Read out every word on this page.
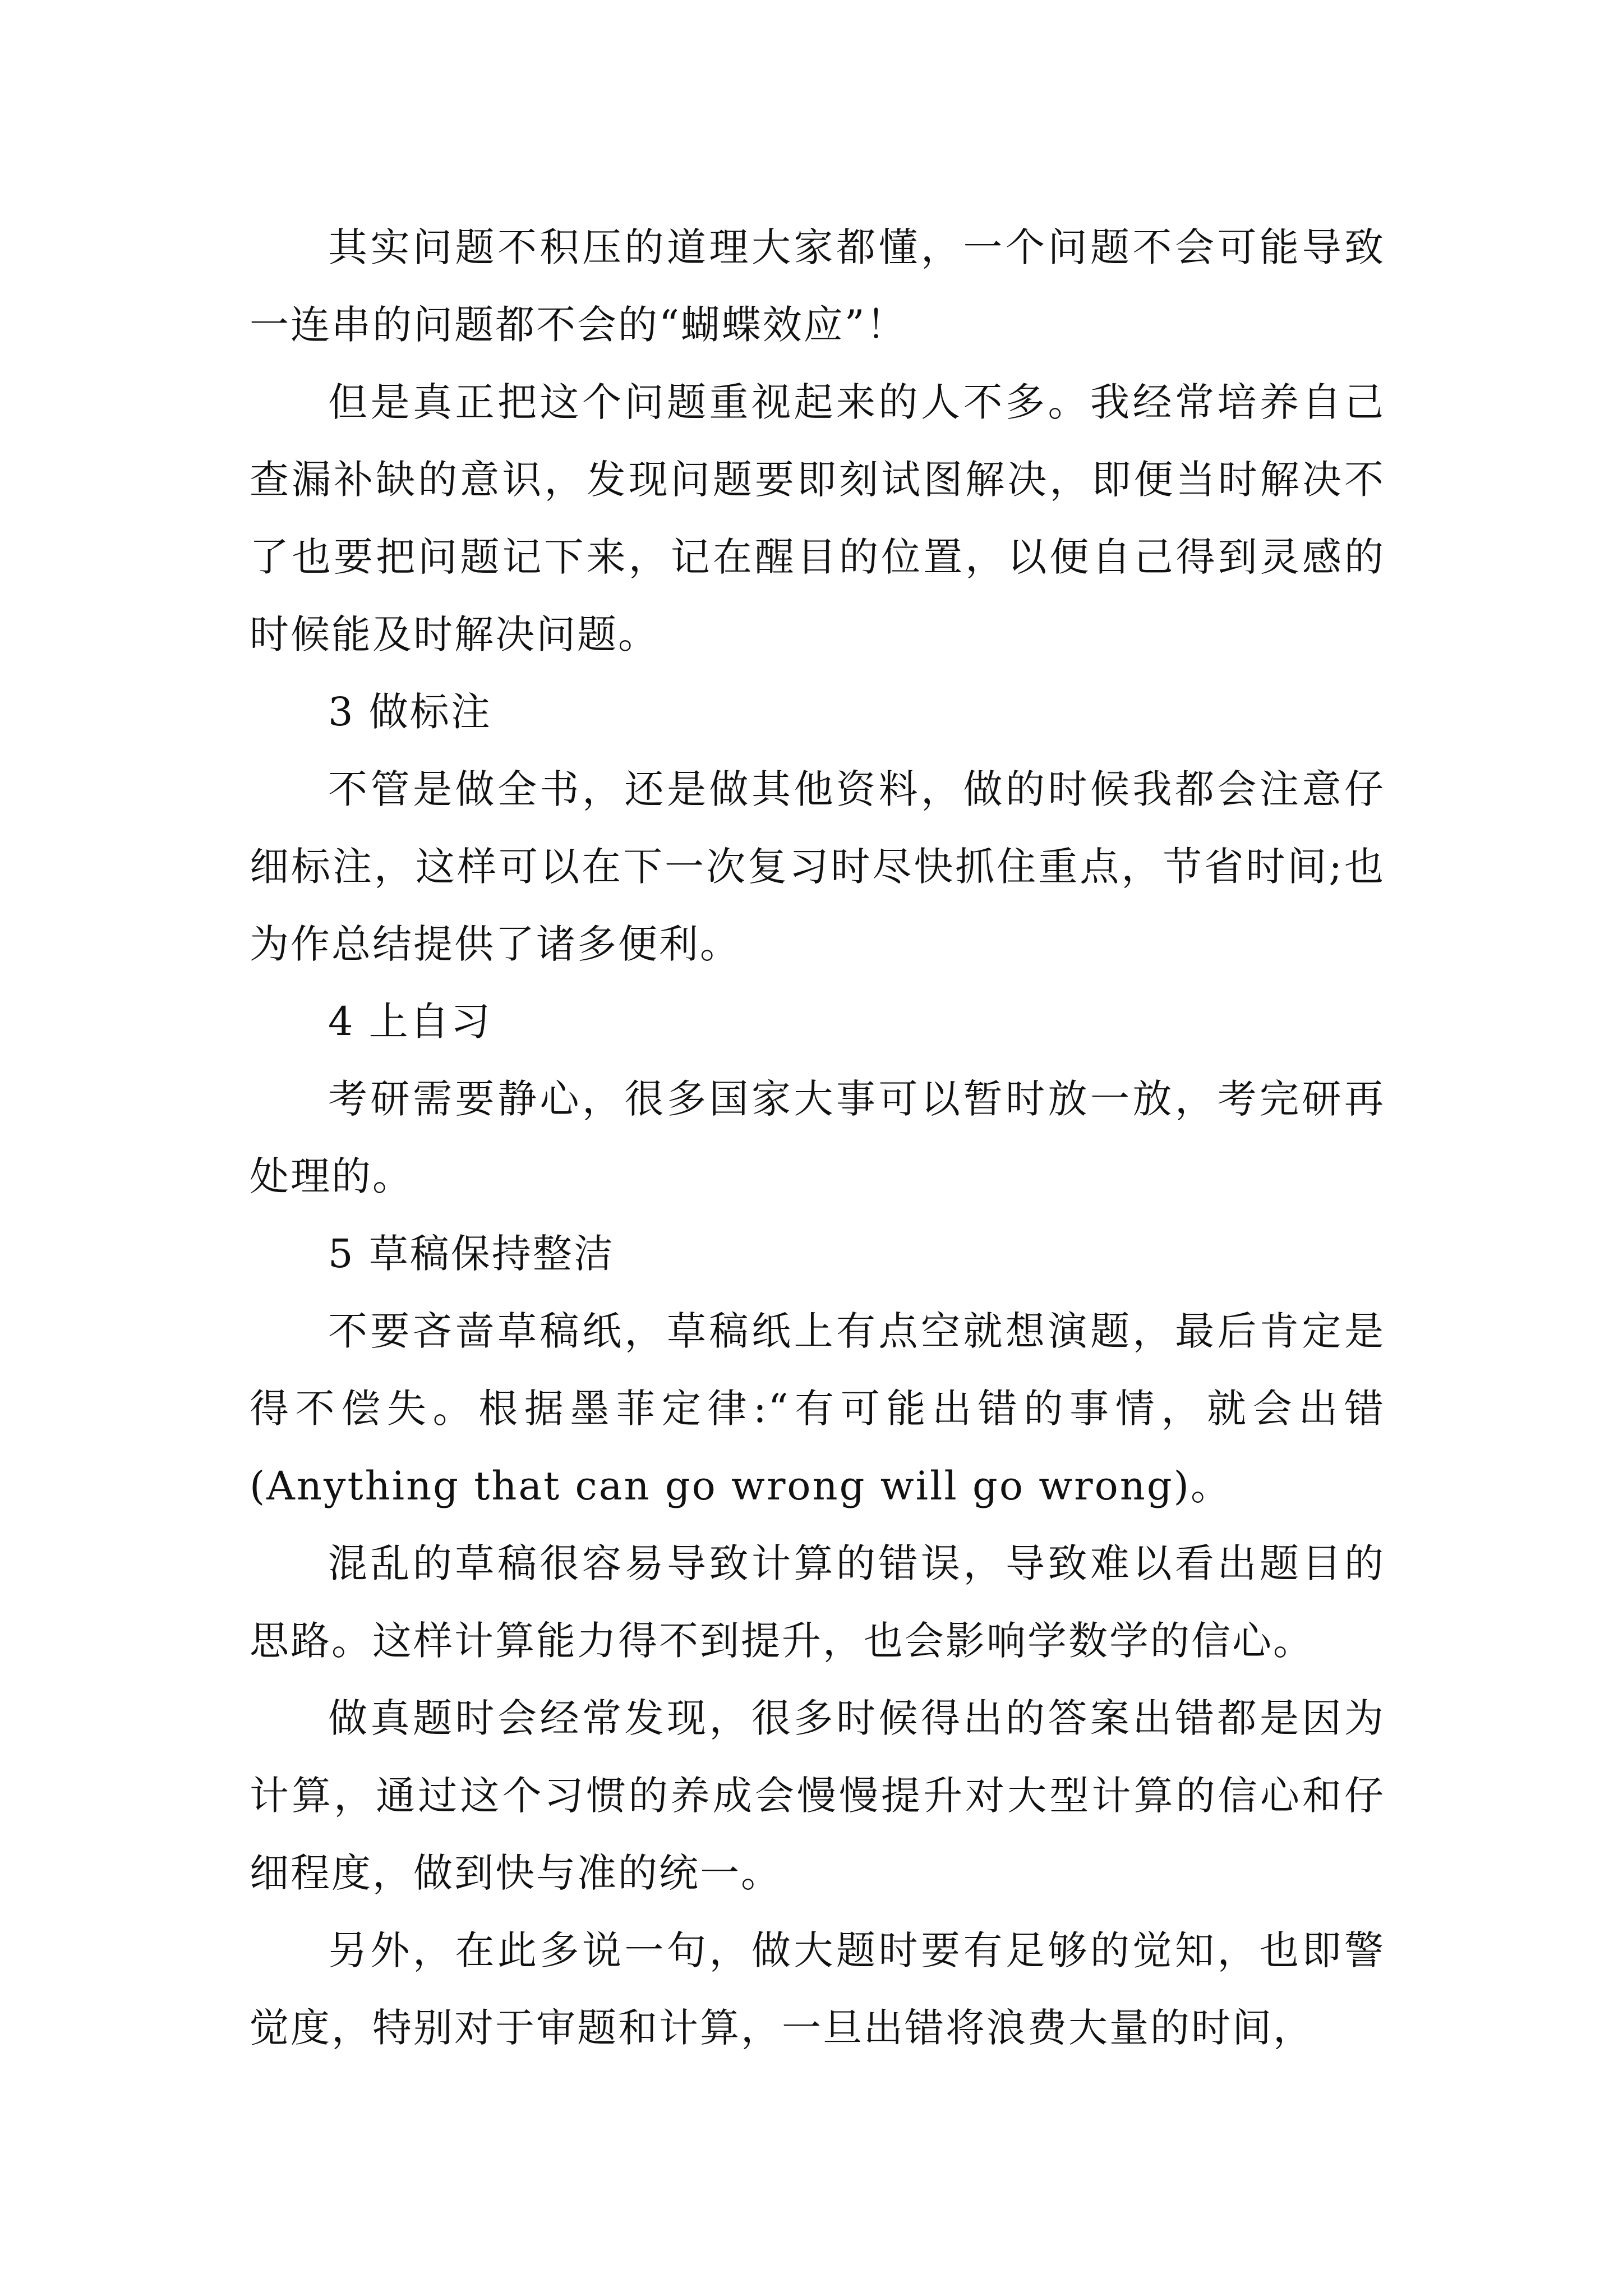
其实问题不积压的道理大家都懂，一个问题不会可能导致一连串的问题都不会的“蝴蝶效应”！

但是真正把这个问题重视起来的人不多。我经常培养自己查漏补缺的意识，发现问题要即刻试图解决，即便当时解决不了也要把问题记下来，记在醒目的位置，以便自己得到灵感的时候能及时解决问题。

3 做标注

不管是做全书，还是做其他资料，做的时候我都会注意仔细标注，这样可以在下一次复习时尽快抓住重点，节省时间;也为作总结提供了诸多便利。

4 上自习

考研需要静心，很多国家大事可以暂时放一放，考完研再处理的。

5 草稿保持整洁

不要吝啬草稿纸，草稿纸上有点空就想演题，最后肯定是得不偿失。根据墨菲定律:“有可能出错的事情，就会出错(Anything that can go wrong will go wrong)。

混乱的草稿很容易导致计算的错误，导致难以看出题目的思路。这样计算能力得不到提升，也会影响学数学的信心。

做真题时会经常发现，很多时候得出的答案出错都是因为计算，通过这个习惯的养成会慢慢提升对大型计算的信心和仔细程度，做到快与准的统一。

另外，在此多说一句，做大题时要有足够的觉知，也即警觉度，特别对于审题和计算，一旦出错将浪费大量的时间，
